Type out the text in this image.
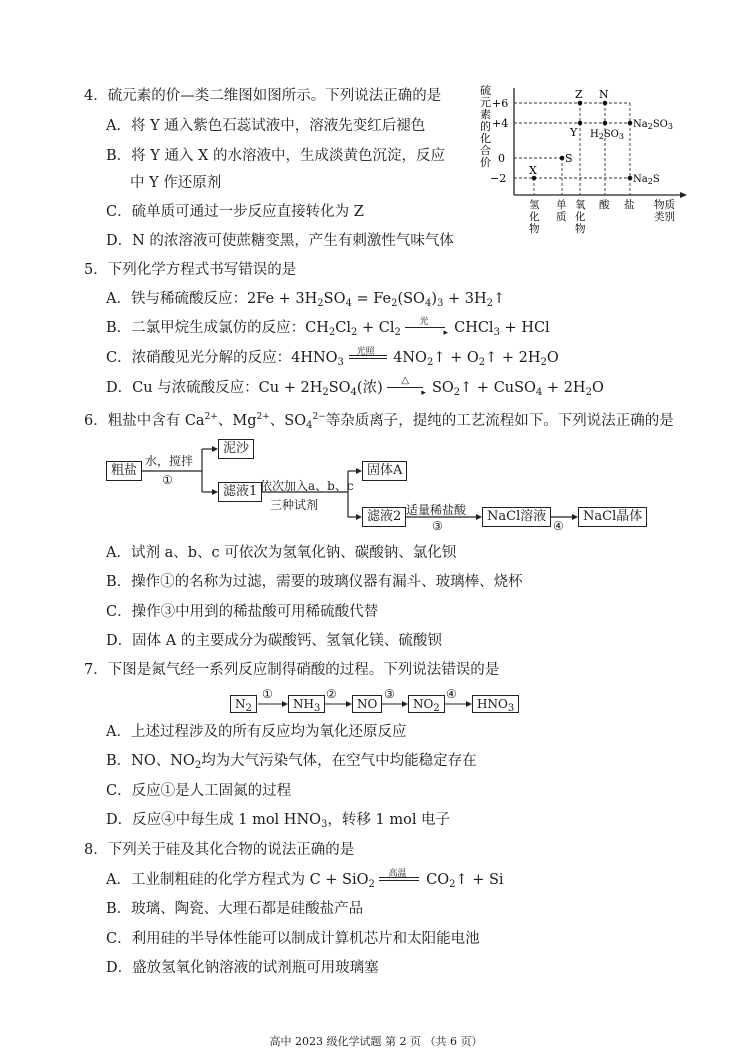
4．硫元素的价—类二维图如图所示。下列说法正确的是
A．将 Y 通入紫色石蕊试液中，溶液先变红后褪色
B．将 Y 通入 X 的水溶液中，生成淡黄色沉淀，反应
中 Y 作还原剂
C．硫单质可通过一步反应直接转化为 Z
D．N 的浓溶液可使蔗糖变黑，产生有刺激性气味气体
硫元素的化合价
+6
+4
0
−2
X
S
Y
Z N
$H_2SO_3$
$Na_2SO_3$
$Na_2S$
氢化物
单质
氧化物
酸 盐 物质类别
5．下列化学方程式书写错误的是
A．铁与稀硫酸反应：$2Fe + 3H_2SO_4 = Fe_2(SO_4)_3$ + $3H_2↑$
B．二氯甲烷生成氯仿的反应：$CH_2Cl_2 + Cl_2$
光
▸ CHCl$_3$ + HCl
C．浓硝酸见光分解的反应：$4HNO_3$
光照 $4NO_2↑$ + $O_2↑ + 2H_2O$
D．Cu 与浓硫酸反应：$Cu + 2H_2SO_4$(浓) △
▸ $SO_2↑$ + CuSO$_4$ + $2H_2O$
6．粗盐中含有 $Ca^{2+}$、$Mg^{2+}$、$SO_4^{2-}$等杂质离子，提纯的工艺流程如下。下列说法正确的是
粗盐
水，搅拌
①
泥沙
滤液1 依次加入a、b、c
三种试剂
固体A
滤液2 适量稀盐酸
③
NaCl溶液
④
NaCl晶体
A．试剂 a、b、c 可依次为氢氧化钠、碳酸钠、氯化钡
B．操作①的名称为过滤，需要的玻璃仪器有漏斗、玻璃棒、烧杯
C．操作③中用到的稀盐酸可用稀硫酸代替
D．固体 A 的主要成分为碳酸钙、氢氧化镁、硫酸钡
7．下图是氮气经一系列反应制得硝酸的过程。下列说法错误的是
$N_2$
①
$NH_3$
②
NO
③
$NO_2$
④
$HNO_3$
A．上述过程涉及的所有反应均为氧化还原反应
B．NO、$NO_2$均为大气污染气体，在空气中均能稳定存在
C．反应①是人工固氮的过程
D．反应④中每生成 1 mol $HNO_3$，转移 1 mol 电子
8．下列关于硅及其化合物的说法正确的是
A．工业制粗硅的化学方程式为 C + SiO$_2$
高温 $CO_2↑ + Si$
B．玻璃、陶瓷、大理石都是硅酸盐产品
C．利用硅的半导体性能可以制成计算机芯片和太阳能电池
D．盛放氢氧化钠溶液的试剂瓶可用玻璃塞
高中 2023 级化学试题 第 2 页 （共 6 页）
